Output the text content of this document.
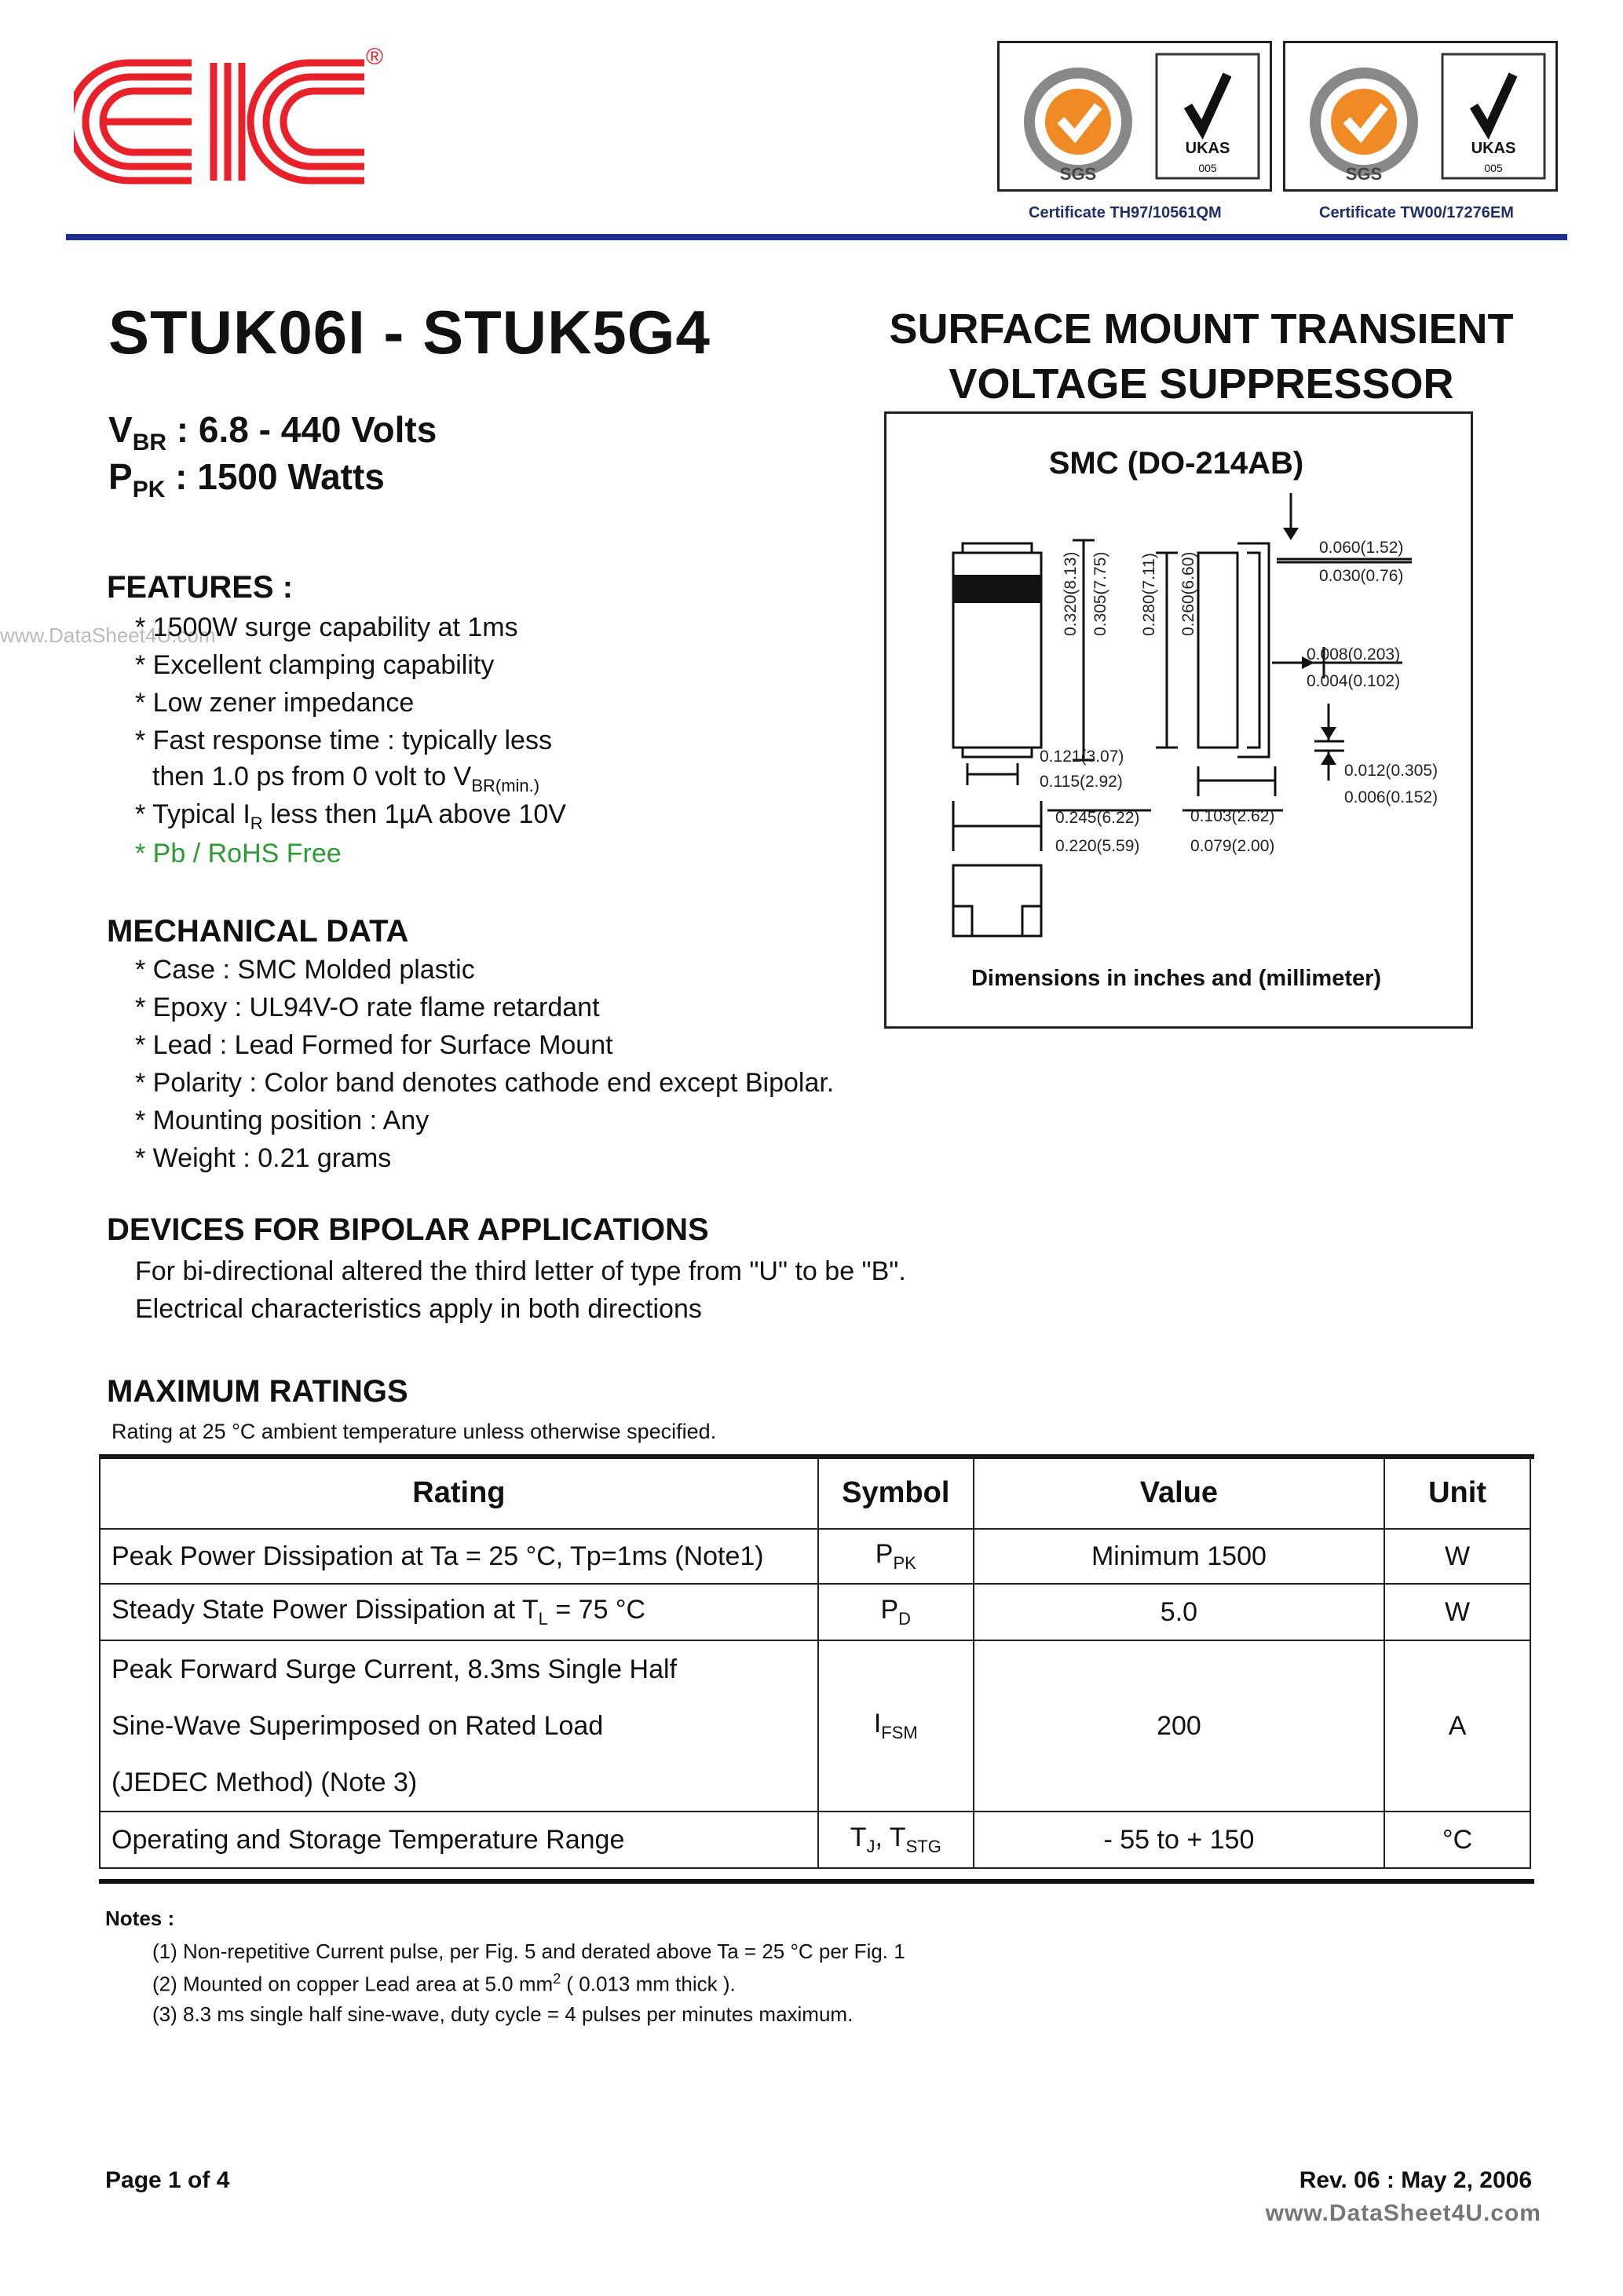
®
SGS
UKAS
005
Certificate TH97/10561QM
SGS
UKAS
005
Certificate TW00/17276EM
STUK06I - STUK5G4
$V_{BR}$ : 6.8 - 440 Volts
$P_{PK}$ : 1500 Watts
SURFACE MOUNT TRANSIENT
VOLTAGE SUPPRESSOR
SMC (DO-214AB)
0.320(8.13) 0.305(7.75) 0.280(7.11) 0.260(6.60)
0.060(1.52)
0.030(0.76)
0.008(0.203)
0.004(0.102)
0.121(3.07)
0.115(2.92)
0.012(0.305)
0.006(0.152)
0.245(6.22)
0.220(5.59)
0.103(2.62)
0.079(2.00)
Dimensions in inches and (millimeter)
FEATURES :
www.DataSheet4U.com
* 1500W surge capability at 1ms
* Excellent clamping capability
* Low zener impedance
* Fast response time : typically less
then 1.0 ps from 0 volt to $V_{BR(min.)}$
* Typical $I_R$ less then 1µA above 10V
* Pb / RoHS Free
MECHANICAL DATA
* Case : SMC Molded plastic
* Epoxy : UL94V-O rate flame retardant
* Lead : Lead Formed for Surface Mount
* Polarity : Color band denotes cathode end except Bipolar.
* Mounting position : Any
* Weight : 0.21 grams
DEVICES FOR BIPOLAR APPLICATIONS
For bi-directional altered the third letter of type from "U" to be "B".
Electrical characteristics apply in both directions
MAXIMUM RATINGS
Rating at 25 °C ambient temperature unless otherwise specified.
Rating	Symbol	Value	Unit
Peak Power Dissipation at Ta = 25 °C, Tp=1ms (Note1)	$P_{PK}$	Minimum 1500	W
Steady State Power Dissipation at $T_L = 75$ °C	$P_D$	5.0	W

Peak Forward Surge Current, 8.3ms Single Half
Sine-Wave Superimposed on Rated Load
(JEDEC Method) (Note 3)	$I_{FSM}$	200	A
Operating and Storage Temperature Range	$T_J$, $T_{STG}$	- 55 to + 150	°C
Notes :
(1) Non-repetitive Current pulse, per Fig. 5 and derated above Ta = 25 °C per Fig. 1
(2) Mounted on copper Lead area at 5.0 $mm^2$ ( 0.013 mm thick ).
(3) 8.3 ms single half sine-wave, duty cycle = 4 pulses per minutes maximum.
Page 1 of 4	Rev. 06 : May 2, 2006
www.DataSheet4U.com
